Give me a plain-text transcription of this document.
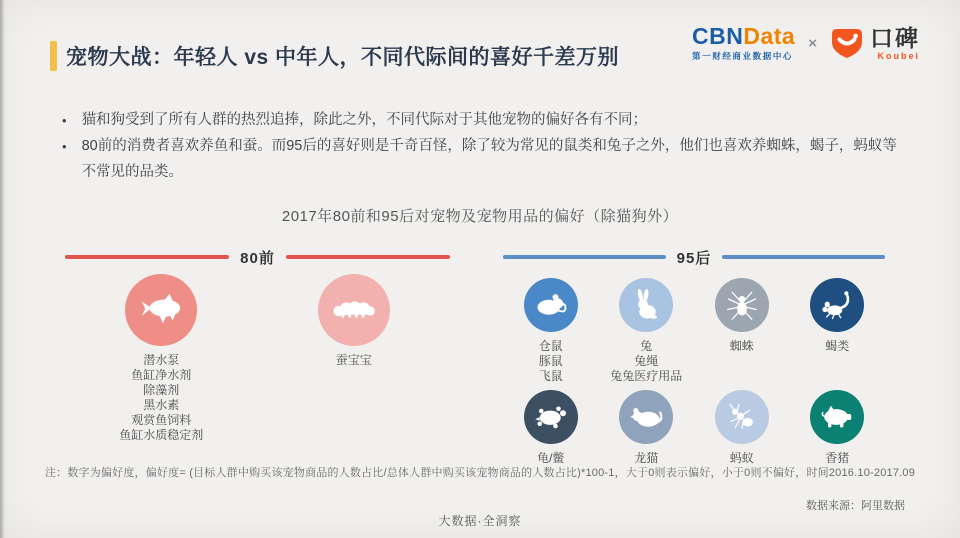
宠物大战：年轻人 vs 中年人，不同代际间的喜好千差万别
CBNData
第一财经商业数据中心
× 口碑
Koubei
• 猫和狗受到了所有人群的热烈追捧，除此之外，不同代际对于其他宠物的偏好各有不同；
• 80前的消费者喜欢养鱼和蚕。而95后的喜好则是千奇百怪，除了较为常见的鼠类和兔子之外，他们也喜欢养蜘蛛，蝎子，蚂蚁等不常见的品类。
2017年80前和95后对宠物及宠物用品的偏好（除猫狗外）
80前
潜水泵
鱼缸净水剂
除藻剂
黑水素
观赏鱼饲料
鱼缸水质稳定剂
蚕宝宝
95后
仓鼠
豚鼠
飞鼠
兔
兔绳
兔兔医疗用品
蜘蛛	蝎类
龟/鳖	龙猫	蚂蚁	香猪
注：数字为偏好度，偏好度= (目标人群中购买该宠物商品的人数占比/总体人群中购买该宠物商品的人数占比)*100-1，大于0则表示偏好，小于0则不偏好，时间2016.10-2017.09
数据来源：阿里数据
大数据·全洞察
